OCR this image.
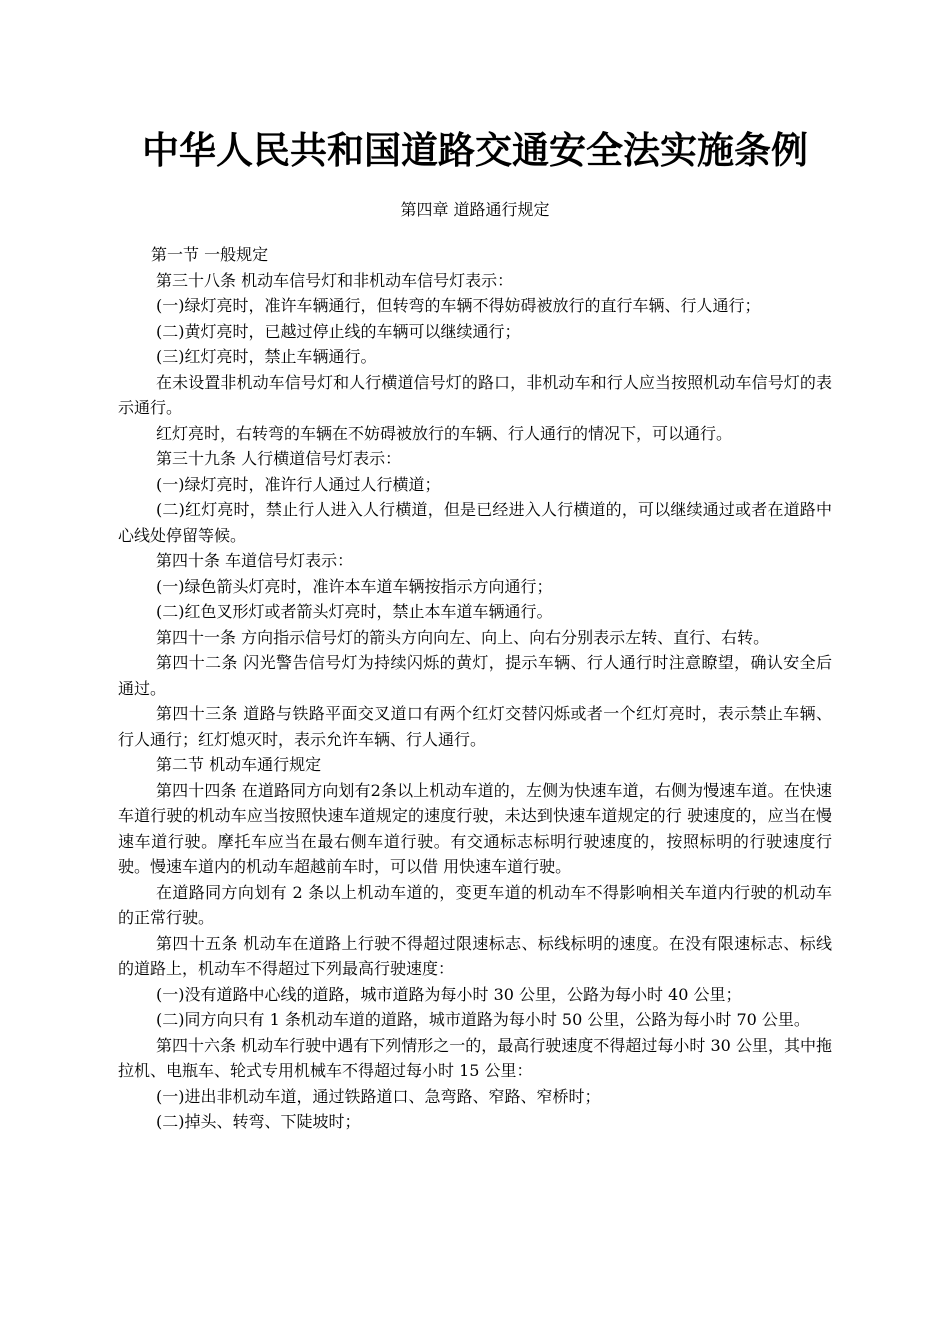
中华人民共和国道路交通安全法实施条例

第四章 道路通行规定

第一节 一般规定

第三十八条 机动车信号灯和非机动车信号灯表示：

(一)绿灯亮时，准许车辆通行，但转弯的车辆不得妨碍被放行的直行车辆、行人通行；

(二)黄灯亮时，已越过停止线的车辆可以继续通行；

(三)红灯亮时，禁止车辆通行。

在未设置非机动车信号灯和人行横道信号灯的路口，非机动车和行人应当按照机动车信号灯的表示通行。

红灯亮时，右转弯的车辆在不妨碍被放行的车辆、行人通行的情况下，可以通行。

第三十九条 人行横道信号灯表示：

(一)绿灯亮时，准许行人通过人行横道；

(二)红灯亮时，禁止行人进入人行横道，但是已经进入人行横道的，可以继续通过或者在道路中心线处停留等候。

第四十条 车道信号灯表示：

(一)绿色箭头灯亮时，准许本车道车辆按指示方向通行；

(二)红色叉形灯或者箭头灯亮时，禁止本车道车辆通行。

第四十一条 方向指示信号灯的箭头方向向左、向上、向右分别表示左转、直行、右转。

第四十二条 闪光警告信号灯为持续闪烁的黄灯，提示车辆、行人通行时注意瞭望，确认安全后通过。

第四十三条 道路与铁路平面交叉道口有两个红灯交替闪烁或者一个红灯亮时，表示禁止车辆、行人通行；红灯熄灭时，表示允许车辆、行人通行。

第二节 机动车通行规定

第四十四条 在道路同方向划有2条以上机动车道的，左侧为快速车道，右侧为慢速车道。在快速车道行驶的机动车应当按照快速车道规定的速度行驶，未达到快速车道规定的行 驶速度的，应当在慢速车道行驶。摩托车应当在最右侧车道行驶。有交通标志标明行驶速度的，按照标明的行驶速度行驶。慢速车道内的机动车超越前车时，可以借 用快速车道行驶。

在道路同方向划有 2 条以上机动车道的，变更车道的机动车不得影响相关车道内行驶的机动车的正常行驶。

第四十五条 机动车在道路上行驶不得超过限速标志、标线标明的速度。在没有限速标志、标线的道路上，机动车不得超过下列最高行驶速度：

(一)没有道路中心线的道路，城市道路为每小时 30 公里，公路为每小时 40 公里；

(二)同方向只有 1 条机动车道的道路，城市道路为每小时 50 公里，公路为每小时 70 公里。

第四十六条 机动车行驶中遇有下列情形之一的，最高行驶速度不得超过每小时 30 公里，其中拖拉机、电瓶车、轮式专用机械车不得超过每小时 15 公里：

(一)进出非机动车道，通过铁路道口、急弯路、窄路、窄桥时；

(二)掉头、转弯、下陡坡时；
